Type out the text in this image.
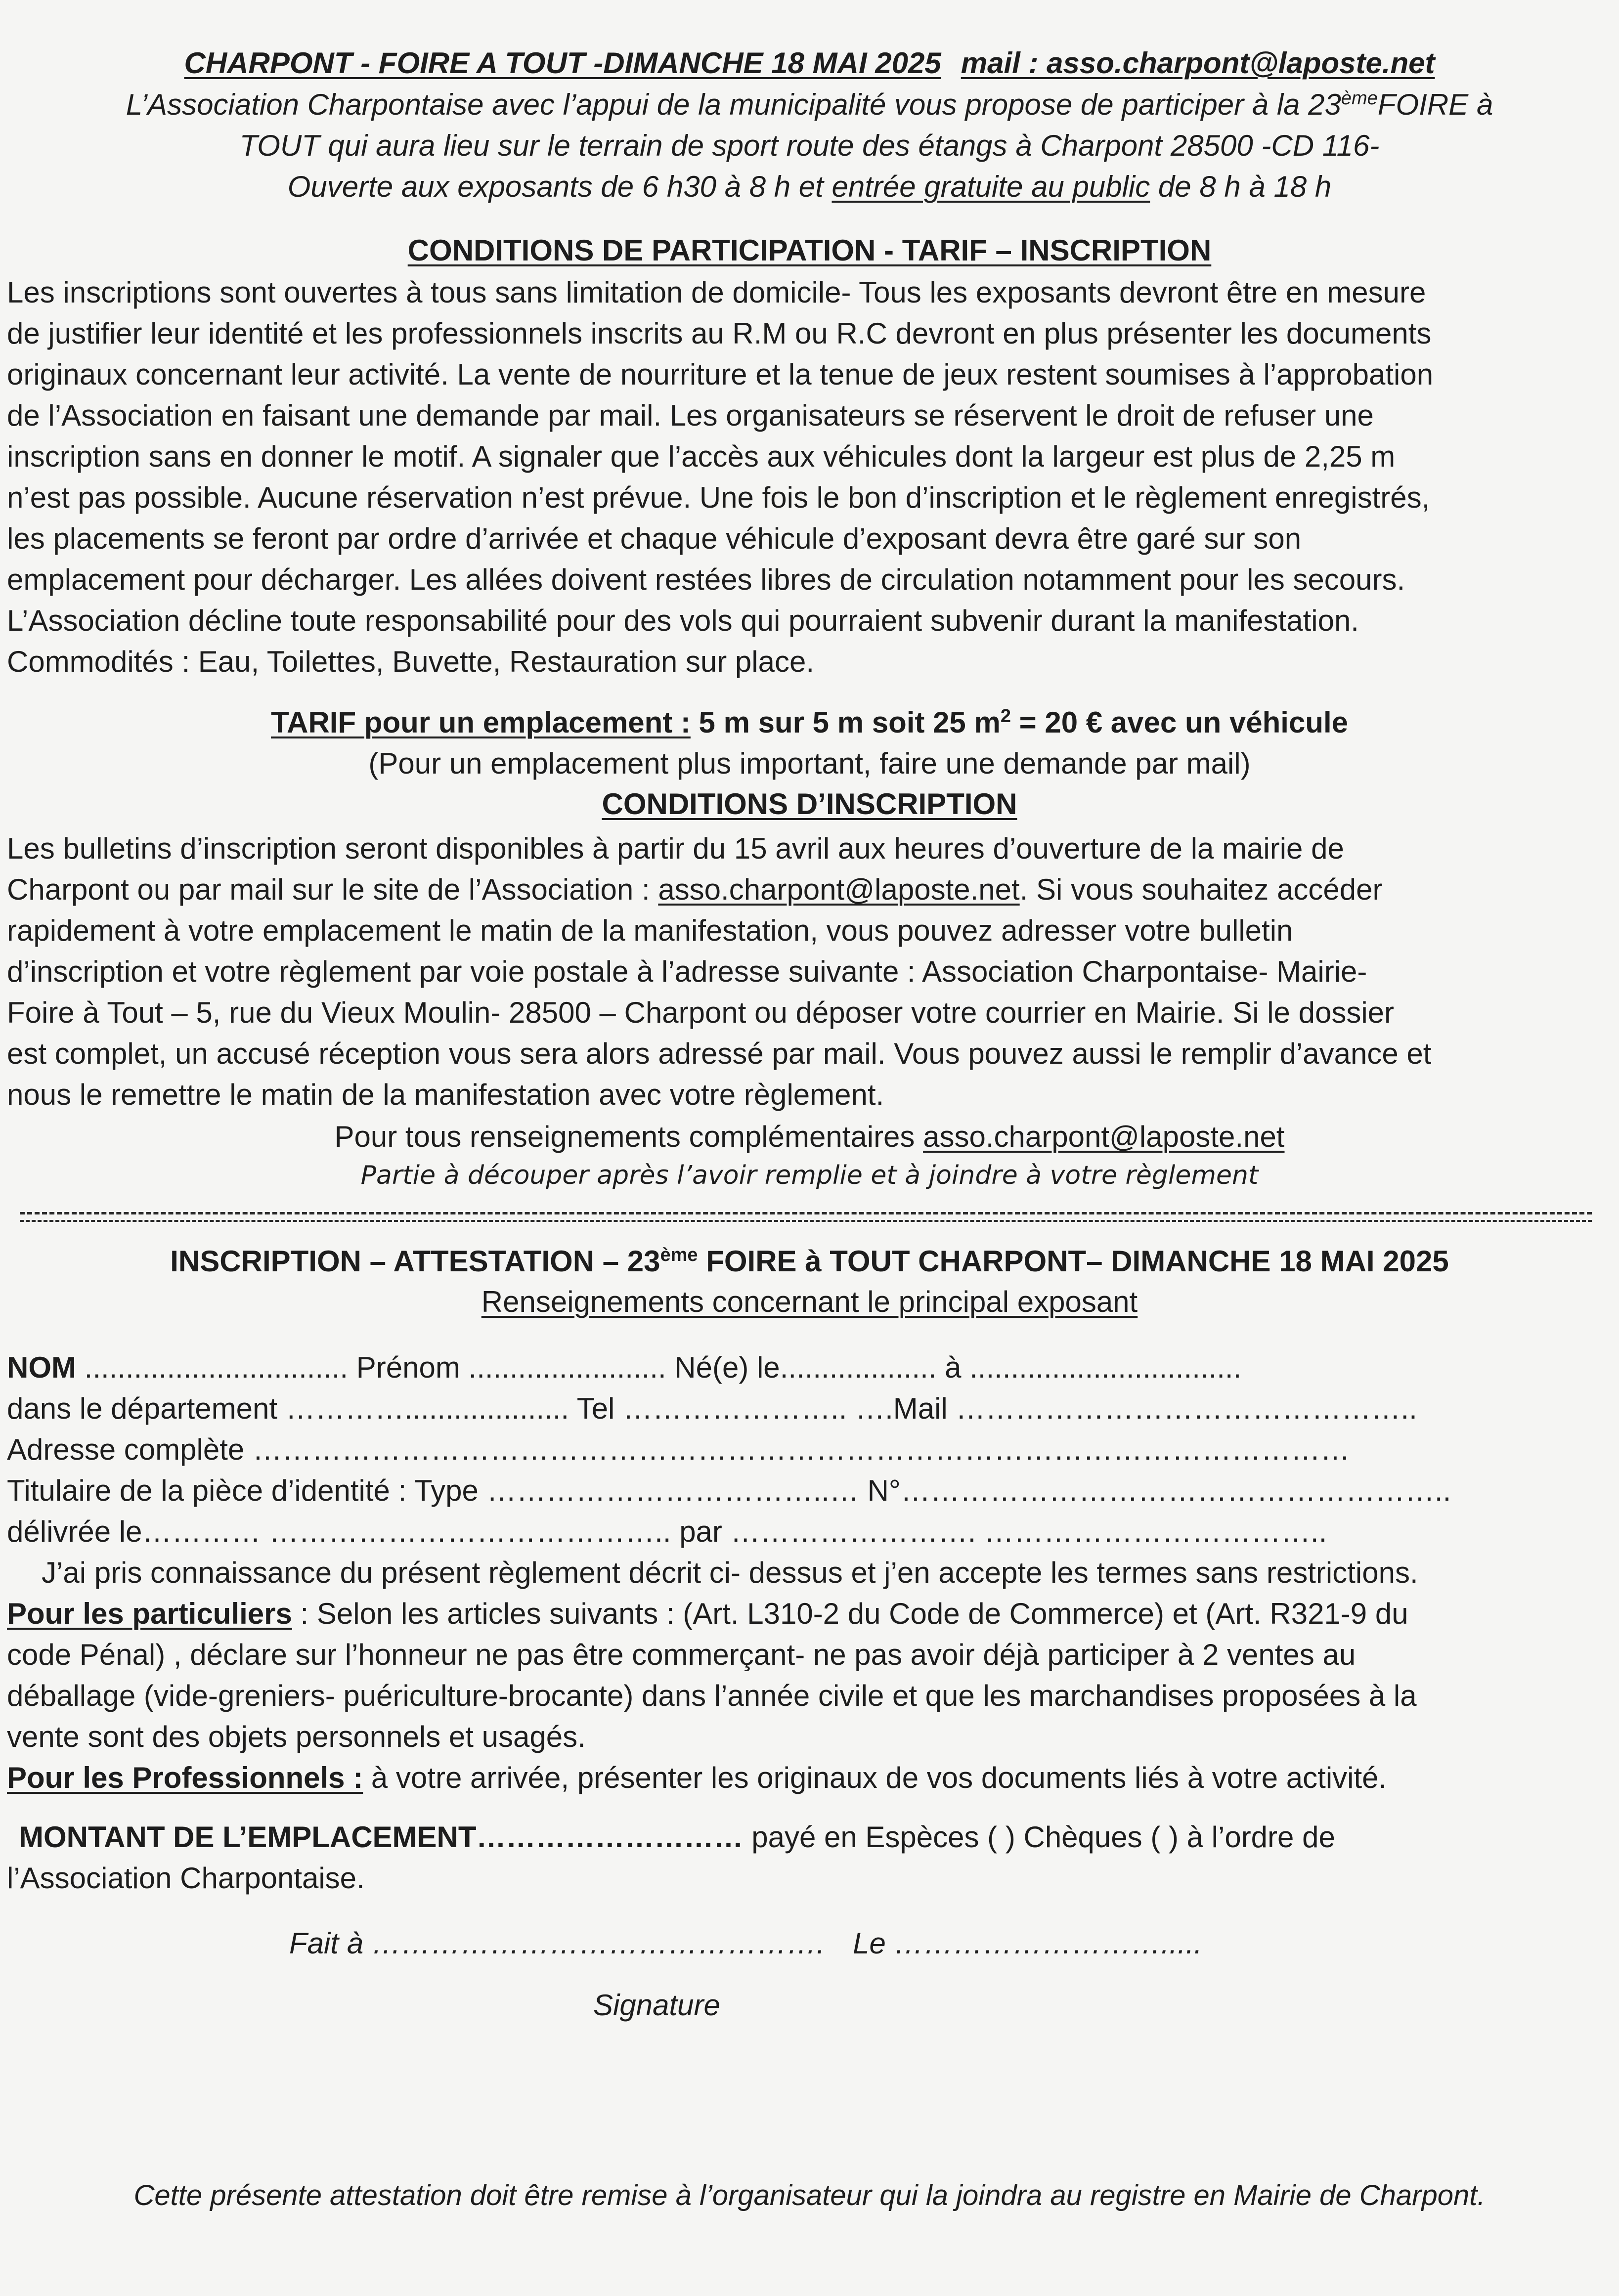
CHARPONT - FOIRE A TOUT -DIMANCHE 18 MAI 2025 mail : asso.charpont@laposte.net
L’Association Charpontaise avec l’appui de la municipalité vous propose de participer à la 23èmeFOIRE à
TOUT qui aura lieu sur le terrain de sport route des étangs à Charpont 28500 -CD 116-
Ouverte aux exposants de 6 h30 à 8 h et entrée gratuite au public de 8 h à 18 h
CONDITIONS DE PARTICIPATION - TARIF – INSCRIPTION
Les inscriptions sont ouvertes à tous sans limitation de domicile- Tous les exposants devront être en mesure
de justifier leur identité et les professionnels inscrits au R.M ou R.C devront en plus présenter les documents
originaux concernant leur activité. La vente de nourriture et la tenue de jeux restent soumises à l’approbation
de l’Association en faisant une demande par mail. Les organisateurs se réservent le droit de refuser une
inscription sans en donner le motif. A signaler que l’accès aux véhicules dont la largeur est plus de 2,25 m
n’est pas possible. Aucune réservation n’est prévue. Une fois le bon d’inscription et le règlement enregistrés,
les placements se feront par ordre d’arrivée et chaque véhicule d’exposant devra être garé sur son
emplacement pour décharger. Les allées doivent restées libres de circulation notamment pour les secours.
L’Association décline toute responsabilité pour des vols qui pourraient subvenir durant la manifestation.
Commodités : Eau, Toilettes, Buvette, Restauration sur place.
TARIF pour un emplacement : 5 m sur 5 m soit 25 $m^2 = 20$ € avec un véhicule
(Pour un emplacement plus important, faire une demande par mail)
CONDITIONS D’INSCRIPTION
Les bulletins d’inscription seront disponibles à partir du 15 avril aux heures d’ouverture de la mairie de
Charpont ou par mail sur le site de l’Association : asso.charpont@laposte.net. Si vous souhaitez accéder
rapidement à votre emplacement le matin de la manifestation, vous pouvez adresser votre bulletin
d’inscription et votre règlement par voie postale à l’adresse suivante : Association Charpontaise- Mairie-
Foire à Tout – 5, rue du Vieux Moulin- 28500 – Charpont ou déposer votre courrier en Mairie. Si le dossier
est complet, un accusé réception vous sera alors adressé par mail. Vous pouvez aussi le remplir d’avance et
nous le remettre le matin de la manifestation avec votre règlement.
Pour tous renseignements complémentaires asso.charpont@laposte.net
Partie à découper après l’avoir remplie et à joindre à votre règlement
INSCRIPTION – ATTESTATION – 23ème FOIRE à TOUT CHARPONT– DIMANCHE 18 MAI 2025
Renseignements concernant le principal exposant
NOM ................................ Prénom ........................ Né(e) le................... à .................................
dans le département ………….................... Tel ………………….. ….Mail ………………………………………..
Adresse complète …………………………………………………………………………………………………
Titulaire de la pièce d’identité : Type ……………………………..… N°………………………………………………..
délivrée le………… ………………………………….. par ……………………. ……………………………..
J’ai pris connaissance du présent règlement décrit ci- dessus et j’en accepte les termes sans restrictions.
Pour les particuliers : Selon les articles suivants : (Art. L310-2 du Code de Commerce) et (Art. R321-9 du
code Pénal) , déclare sur l’honneur ne pas être commerçant- ne pas avoir déjà participer à 2 ventes au
déballage (vide-greniers- puériculture-brocante) dans l’année civile et que les marchandises proposées à la
vente sont des objets personnels et usagés.
Pour les Professionnels : à votre arrivée, présenter les originaux de vos documents liés à votre activité.
MONTANT DE L’EMPLACEMENT……………………… payé en Espèces ( ) Chèques ( ) à l’ordre de
l’Association Charpontaise.
Fait à ………………………………………. Le ……………………….....
Signature
Cette présente attestation doit être remise à l’organisateur qui la joindra au registre en Mairie de Charpont.
